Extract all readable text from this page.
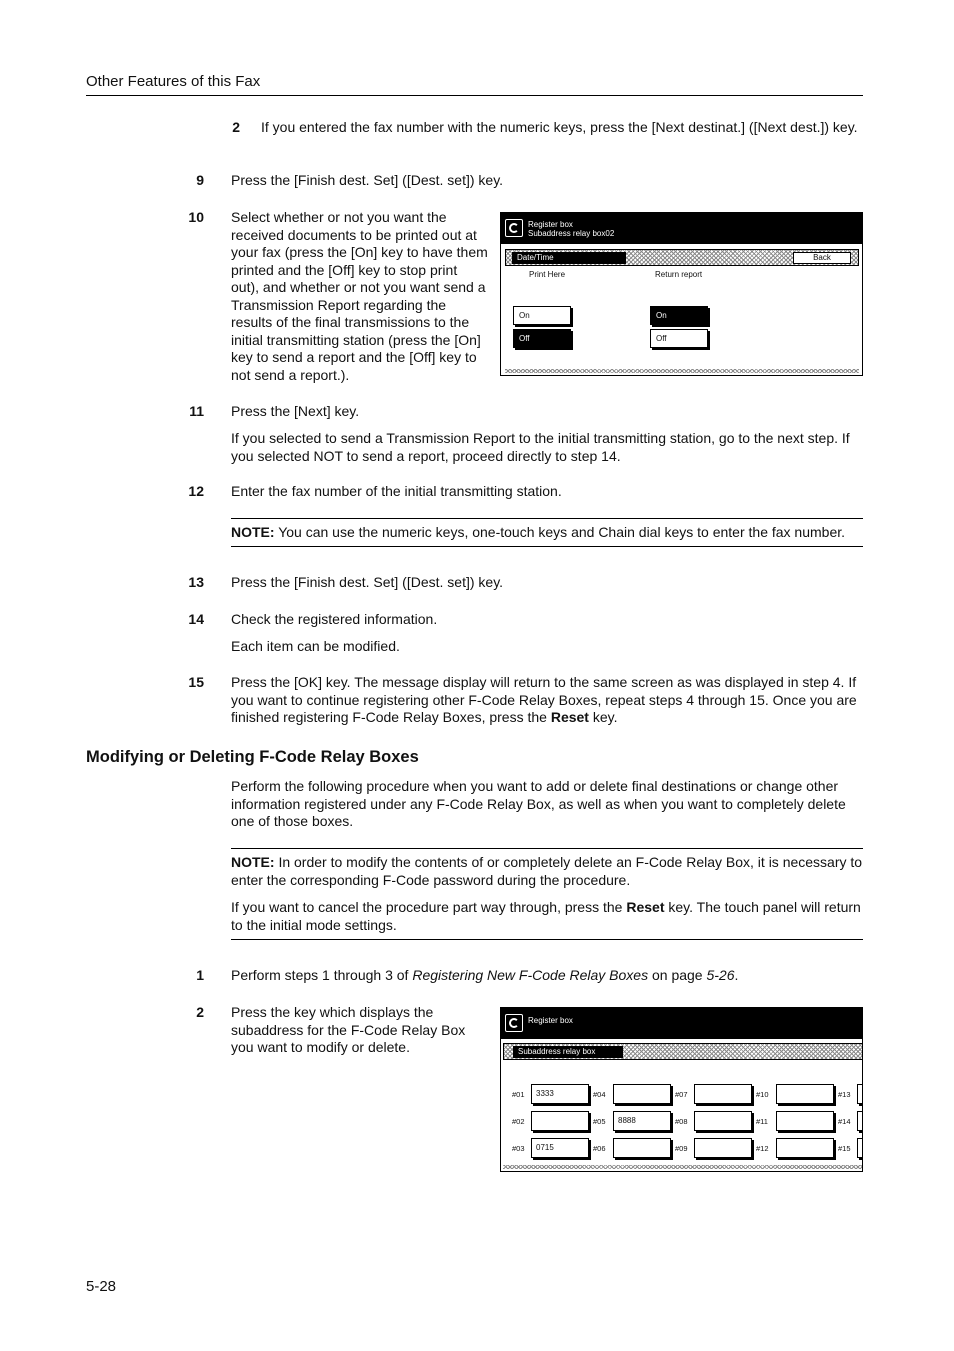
Other Features of this Fax
2 If you entered the fax number with the numeric keys, press the [Next destinat.] ([Next dest.]) key.
9 Press the [Finish dest. Set] ([Dest. set]) key.
10 Select whether or not you want the received documents to be printed out at your fax (press the [On] key to have them printed and the [Off] key to stop print out), and whether or not you want send a Transmission Report regarding the results of the final transmissions to the initial transmitting station (press the [On] key to send a report and the [Off] key to not send a report.).
Register box
Subaddress relay box02
Date/Time	Back
Print Here	Return report
On
Off
On
Off
11 Press the [Next] key.
If you selected to send a Transmission Report to the initial transmitting station, go to the next step. If you selected NOT to send a report, proceed directly to step 14.
12 Enter the fax number of the initial transmitting station.
NOTE: You can use the numeric keys, one-touch keys and Chain dial keys to enter the fax number.
13 Press the [Finish dest. Set] ([Dest. set]) key.
14 Check the registered information.
Each item can be modified.
15 Press the [OK] key. The message display will return to the same screen as was displayed in step 4. If you want to continue registering other F-Code Relay Boxes, repeat steps 4 through 15. Once you are finished registering F-Code Relay Boxes, press the Reset key.
Modifying or Deleting F-Code Relay Boxes
Perform the following procedure when you want to add or delete final destinations or change other information registered under any F-Code Relay Box, as well as when you want to completely delete one of those boxes.
NOTE: In order to modify the contents of or completely delete an F-Code Relay Box, it is necessary to enter the corresponding F-Code password during the procedure.
If you want to cancel the procedure part way through, press the Reset key. The touch panel will return to the initial mode settings.
1 Perform steps 1 through 3 of Registering New F-Code Relay Boxes on page 5-26.
2 Press the key which displays the subaddress for the F-Code Relay Box you want to modify or delete.
Register box
Subaddress relay box
#01	3333	#04	#07	#10	#13
#02	#05	8888	#08	#11	#14
#03	0715	#06	#09	#12	#15
5-28
